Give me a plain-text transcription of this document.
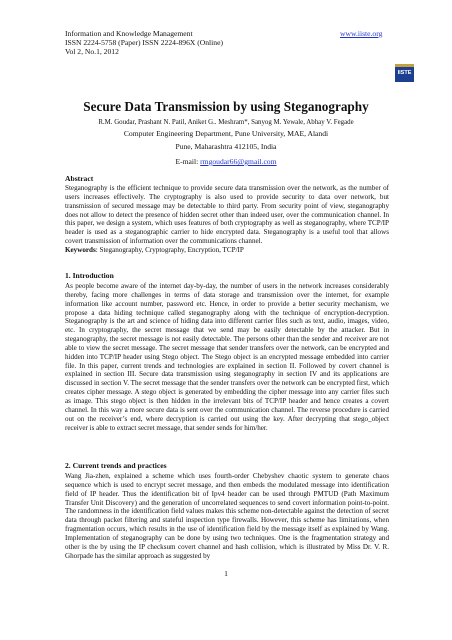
Information and Knowledge Management
ISSN 2224-5758 (Paper) ISSN 2224-896X (Online)
Vol 2, No.1, 2012
www.iiste.org
IISTE
Secure Data Transmission by using Steganography
R.M. Goudar, Prashant N. Patil, Aniket G.. Meshram*, Sanyog M. Yewale, Abhay V. Fegade
Computer Engineering Department, Pune University, MAE, Alandi
Pune, Maharashtra 412105, India
E-mail: rmgoudar66@gmail.com
Abstract

Steganography is the efficient technique to provide secure data transmission over the network, as the number of users increases effectively. The cryptography is also used to provide security to data over network, but transmission of secured message may be detectable to third party. From security point of view, steganography does not allow to detect the presence of hidden secret other than indeed user, over the communication channel. In this paper, we design a system, which uses features of both cryptography as well as steganography, where TCP/IP header is used as a steganographic carrier to hide encrypted data. Steganography is a useful tool that allows covert transmission of information over the communications channel.

Keywords: Steganography, Cryptography, Encryption, TCP/IP
1. Introduction

As people become aware of the internet day-by-day, the number of users in the network increases considerably thereby, facing more challenges in terms of data storage and transmission over the internet, for example information like account number, password etc. Hence, in order to provide a better security mechanism, we propose a data hiding technique called steganography along with the technique of encryption-decryption. Steganography is the art and science of hiding data into different carrier files such as text, audio, images, video, etc. In cryptography, the secret message that we send may be easily detectable by the attacker. But in steganography, the secret message is not easily detectable. The persons other than the sender and receiver are not able to view the secret message. The secret message that sender transfers over the network, can be encrypted and hidden into TCP/IP header using Stego object. The Stego object is an encrypted message embedded into carrier file. In this paper, current trends and technologies are explained in section II. Followed by covert channel is explained in section III. Secure data transmission using steganography in section IV and its applications are discussed in section V. The secret message that the sender transfers over the network can be encrypted first, which creates cipher message. A stego object is generated by embedding the cipher message into any carrier files such as image. This stego object is then hidden in the irrelevant bits of TCP/IP header and hence creates a covert channel. In this way a more secure data is sent over the communication channel. The reverse procedure is carried out on the receiver’s end, where decryption is carried out using the key. After decrypting that stego_object receiver is able to extract secret message, that sender sends for him/her.

2. Current trends and practices

Wang Jia-zhen, explained a scheme which uses fourth-order Chebyshev chaotic system to generate chaos sequence which is used to encrypt secret message, and then embeds the modulated message into identification field of IP header. Thus the identification bit of Ipv4 header can be used through PMTUD (Path Maximum Transfer Unit Discovery) and the generation of uncorrelated sequences to send covert information point-to-point. The randomness in the identification field values makes this scheme non-detectable against the detection of secret data through packet filtering and stateful inspection type firewalls. However, this scheme has limitations, when fragmentation occurs, which results in the use of identification field by the message itself as explained by Wang. Implementation of steganography can be done by using two techniques. One is the fragmentation strategy and other is the by using the IP checksum covert channel and hash collision, which is illustrated by Miss Dr. V. R. Ghorpade has the similar approach as suggested by

1
